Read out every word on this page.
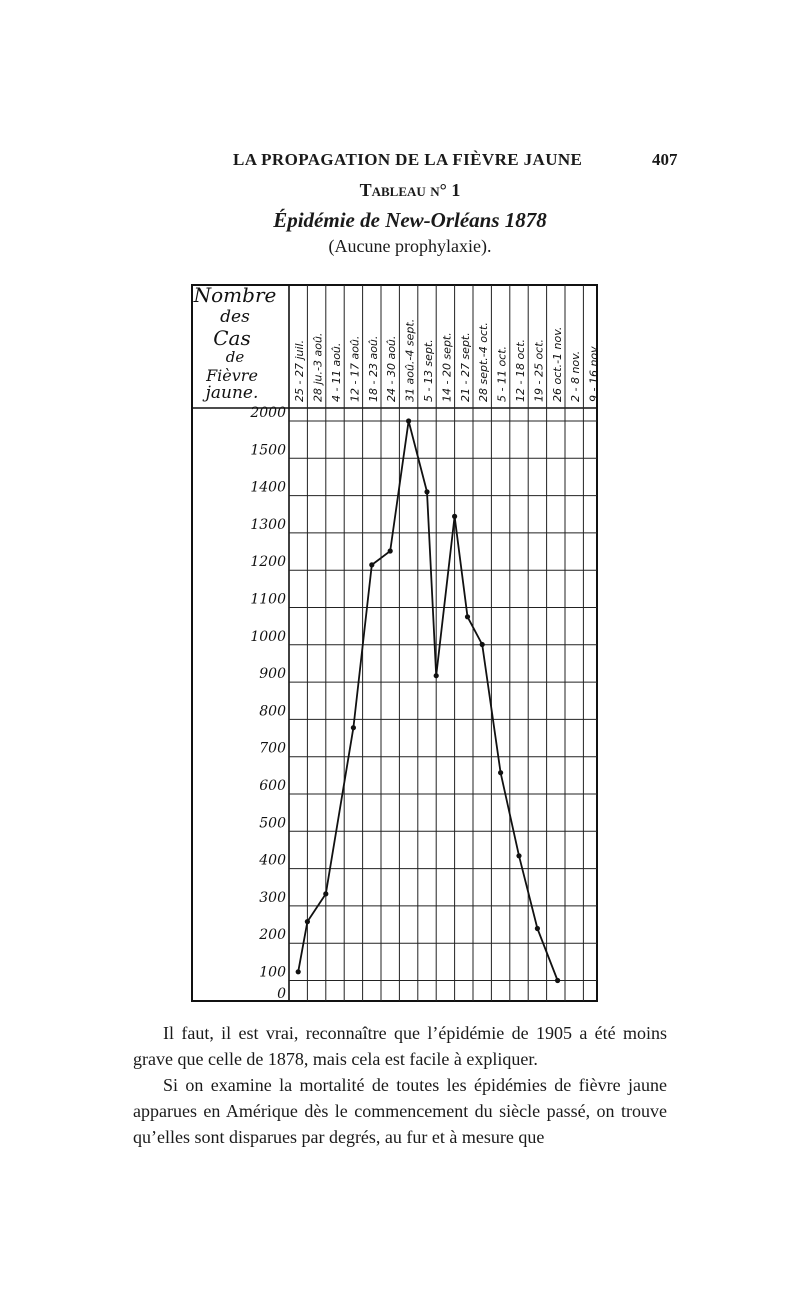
LA PROPAGATION DE LA FIÈVRE JAUNE	407
Tableau n° 1
Épidémie de New-Orléans 1878
(Aucune prophylaxie).
Nombre des Cas de Fièvre jaune.
2000
1500
1400
1300
1200
1100
1000
900
800
700
600
500
400
300
200
100
0
25 - 27 juil. 28 ju.-3 aoû. 4 - 11 aoû. 12 - 17 aoû. 18 - 23 aoû. 24 - 30 aoû. 31 aoû.-4 sept. 5 - 13 sept. 14 - 20 sept. 21 - 27 sept. 28 sept.-4 oct. 5 - 11 oct. 12 - 18 oct. 19 - 25 oct. 26 oct.-1 nov. 2 - 8 nov. 9 - 16 nov.

Il faut, il est vrai, reconnaître que l’épidémie de 1905 a été moins grave que celle de 1878, mais cela est facile à expliquer.

Si on examine la mortalité de toutes les épidémies de fièvre jaune apparues en Amérique dès le commencement du siècle passé, on trouve qu’elles sont disparues par degrés, au fur et à mesure que
